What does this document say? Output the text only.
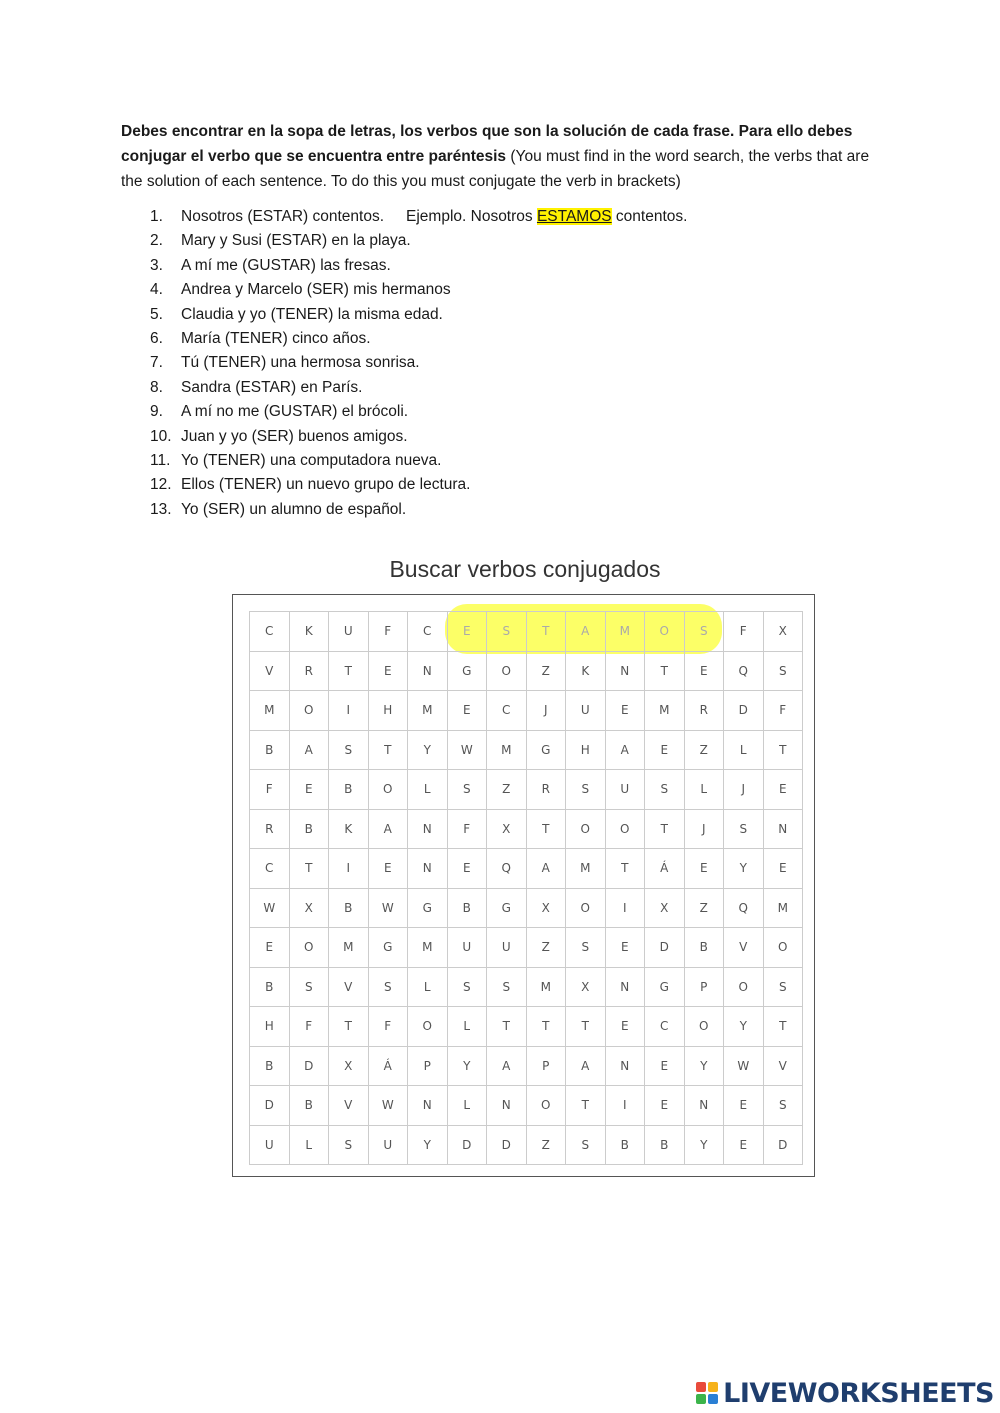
Debes encontrar en la sopa de letras, los verbos que son la solución de cada frase. Para ello debes conjugar el verbo que se encuentra entre paréntesis (You must find in the word search, the verbs that are the solution of each sentence. To do this you must conjugate the verb in brackets)
1.	Nosotros (ESTAR) contentos. Ejemplo. Nosotros ESTAMOS contentos.
2.	Mary y Susi (ESTAR) en la playa.
3.	A mí me (GUSTAR) las fresas.
4.	Andrea y Marcelo (SER) mis hermanos
5.	Claudia y yo (TENER) la misma edad.
6.	María (TENER) cinco años.
7.	Tú (TENER) una hermosa sonrisa.
8.	Sandra (ESTAR) en París.
9.	A mí no me (GUSTAR) el brócoli.
10. Juan y yo (SER) buenos amigos.
11. Yo (TENER) una computadora nueva.
12. Ellos (TENER) un nuevo grupo de lectura.
13. Yo (SER) un alumno de español.
Buscar verbos conjugados
C	K	U	F	C	E	S	T	A	M	O	S	F	X
V	R	T	E	N	G	O	Z	K	N	T	E	Q	S
M	O	I	H	M	E	C	J	U	E	M	R	D	F
B	A	S	T	Y	W	M	G	H	A	E	Z	L	T
F	E	B	O	L	S	Z	R	S	U	S	L	J	E
R	B	K	A	N	F	X	T	O	O	T	J	S	N
C	T	I	E	N	E	Q	A	M	T	Á	E	Y	E
W	X	B	W	G	B	G	X	O	I	X	Z	Q	M
E	O	M	G	M	U	U	Z	S	E	D	B	V	O
B	S	V	S	L	S	S	M	X	N	G	P	O	S
H	F	T	F	O	L	T	T	T	E	C	O	Y	T
B	D	X	Á	P	Y	A	P	A	N	E	Y	W	V
D	B	V	W	N	L	N	O	T	I	E	N	E	S
U	L	S	U	Y	D	D	Z	S	B	B	Y	E	D
LIVEWORKSHEETS
